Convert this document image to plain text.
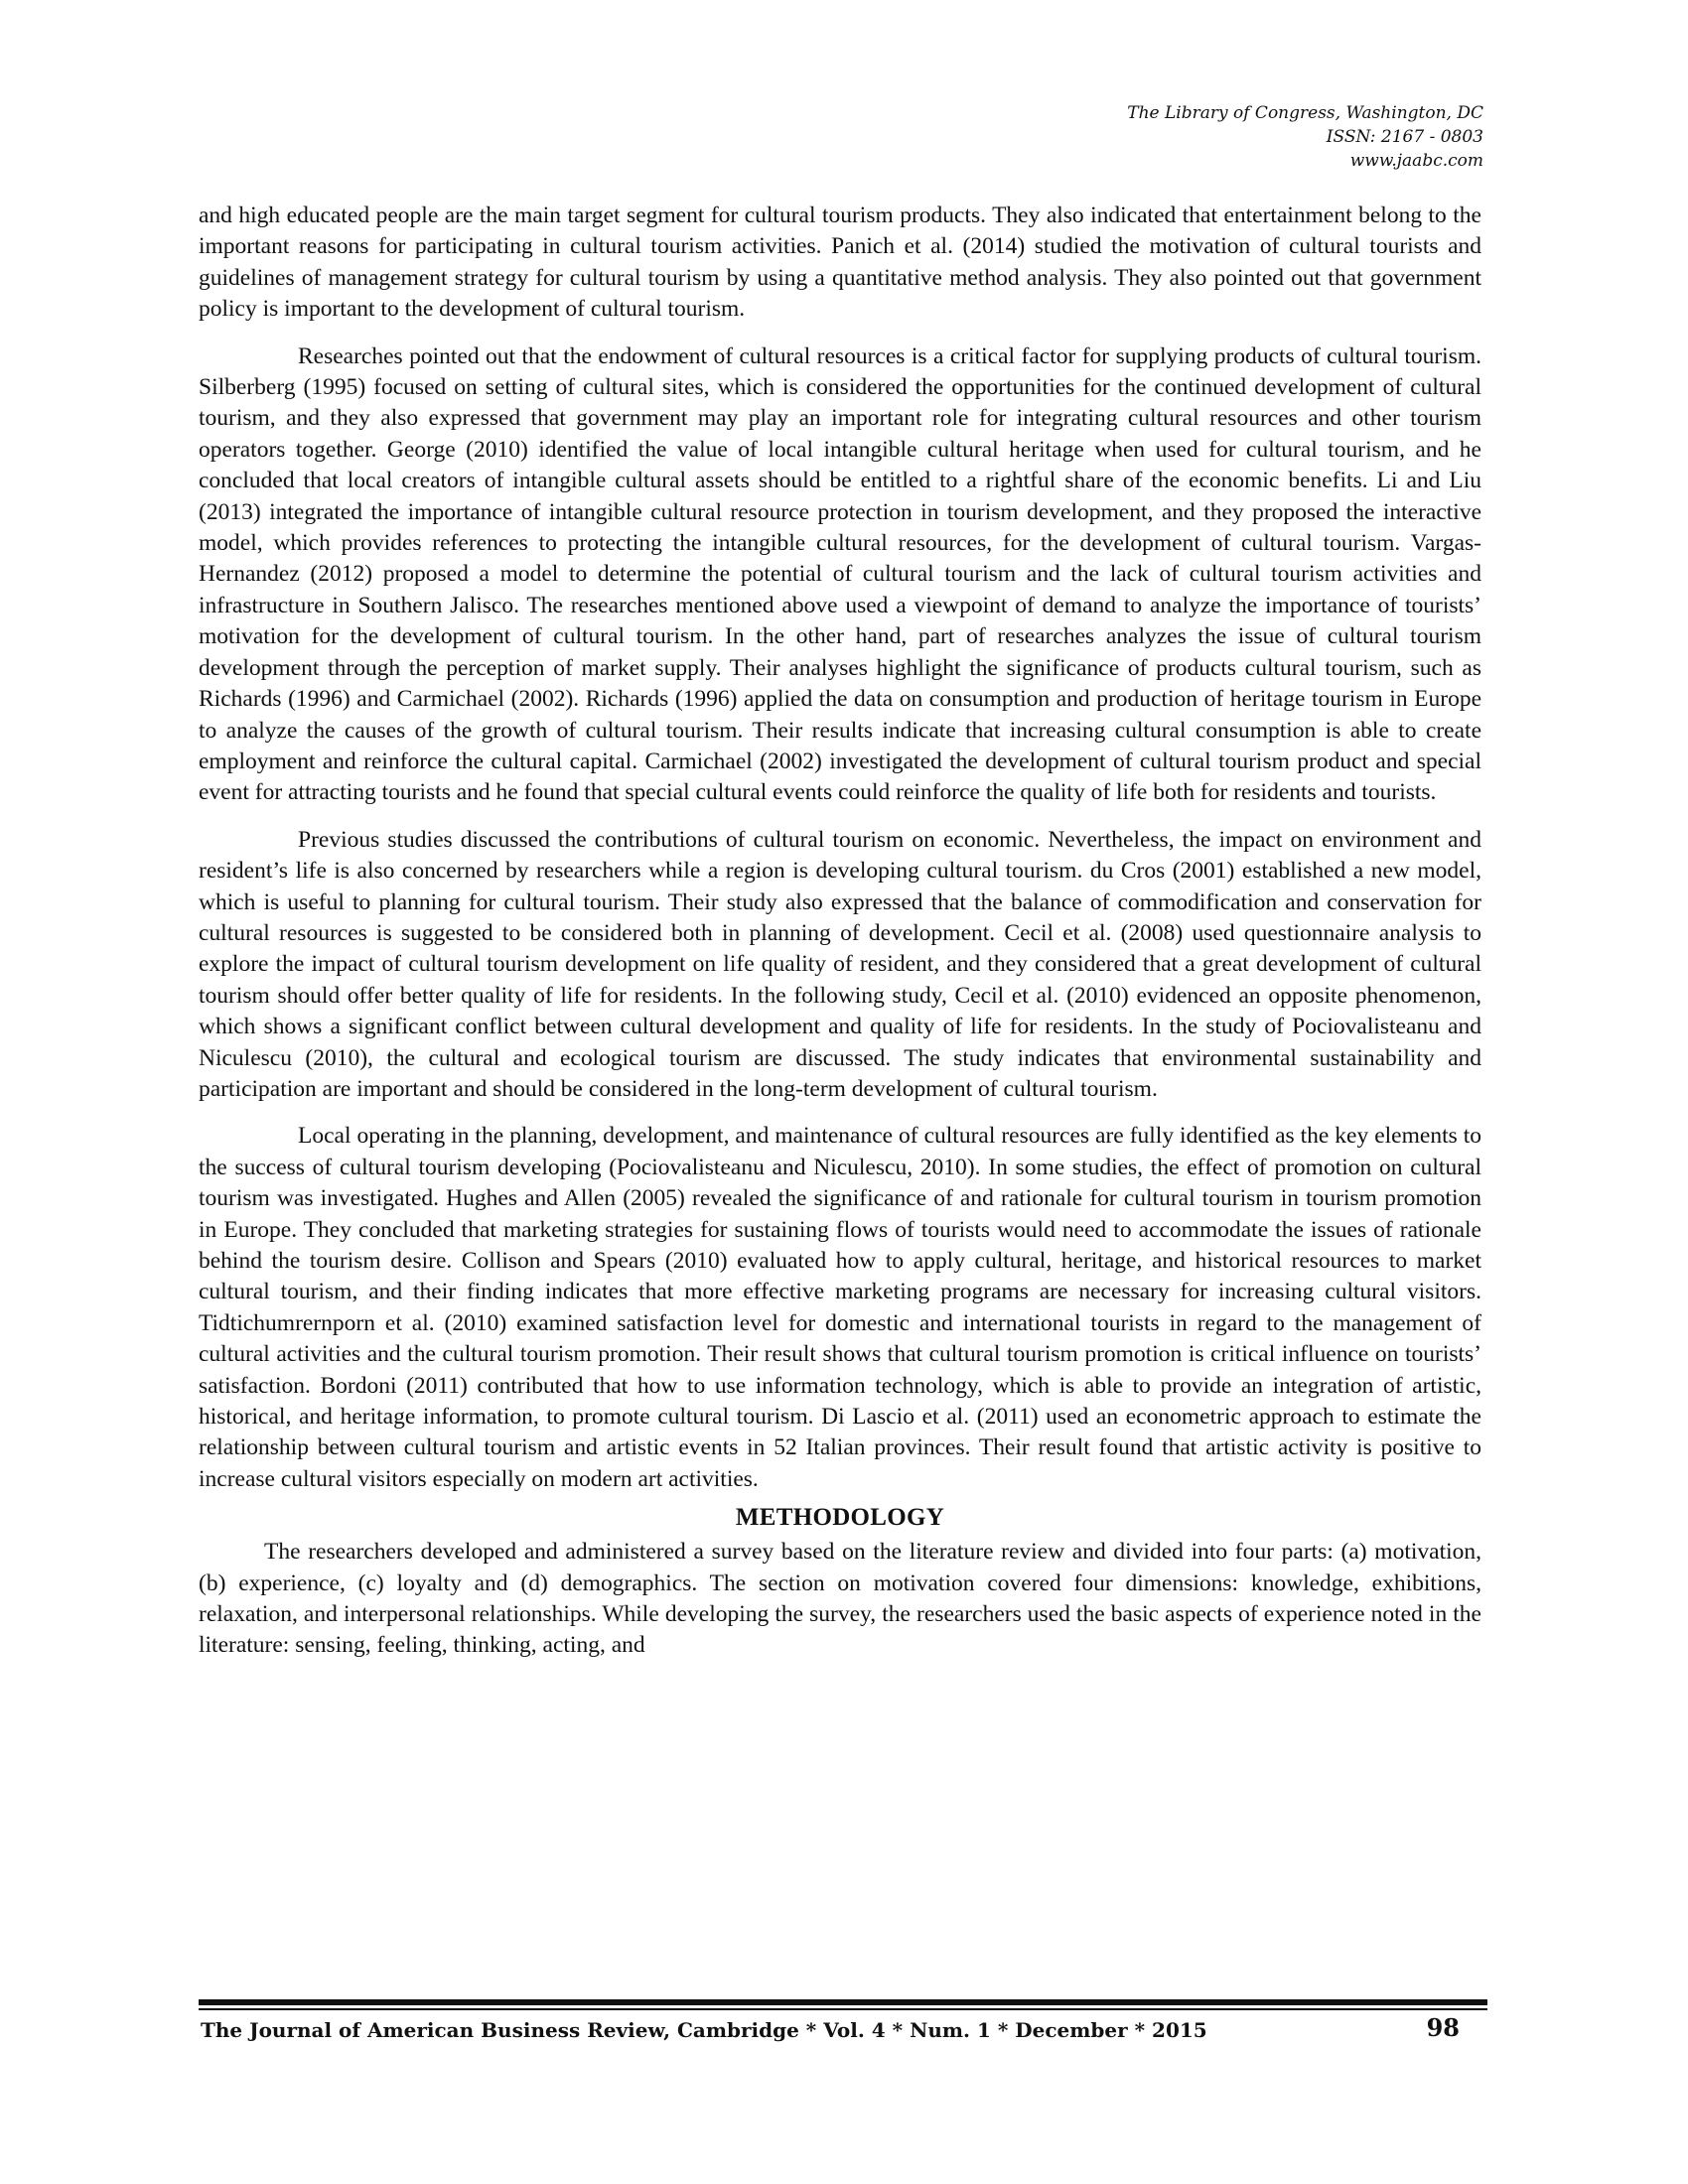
The Library of Congress, Washington, DC
ISSN: 2167 - 0803
www.jaabc.com

and high educated people are the main target segment for cultural tourism products. They also indicated that entertainment belong to the important reasons for participating in cultural tourism activities. Panich et al. (2014) studied the motivation of cultural tourists and guidelines of management strategy for cultural tourism by using a quantitative method analysis. They also pointed out that government policy is important to the development of cultural tourism.

Researches pointed out that the endowment of cultural resources is a critical factor for supplying products of cultural tourism. Silberberg (1995) focused on setting of cultural sites, which is considered the opportunities for the continued development of cultural tourism, and they also expressed that government may play an important role for integrating cultural resources and other tourism operators together. George (2010) identified the value of local intangible cultural heritage when used for cultural tourism, and he concluded that local creators of intangible cultural assets should be entitled to a rightful share of the economic benefits. Li and Liu (2013) integrated the importance of intangible cultural resource protection in tourism development, and they proposed the interactive model, which provides references to protecting the intangible cultural resources, for the development of cultural tourism. Vargas-Hernandez (2012) proposed a model to determine the potential of cultural tourism and the lack of cultural tourism activities and infrastructure in Southern Jalisco. The researches mentioned above used a viewpoint of demand to analyze the importance of tourists’ motivation for the development of cultural tourism. In the other hand, part of researches analyzes the issue of cultural tourism development through the perception of market supply. Their analyses highlight the significance of products cultural tourism, such as Richards (1996) and Carmichael (2002). Richards (1996) applied the data on consumption and production of heritage tourism in Europe to analyze the causes of the growth of cultural tourism. Their results indicate that increasing cultural consumption is able to create employment and reinforce the cultural capital. Carmichael (2002) investigated the development of cultural tourism product and special event for attracting tourists and he found that special cultural events could reinforce the quality of life both for residents and tourists.

Previous studies discussed the contributions of cultural tourism on economic. Nevertheless, the impact on environment and resident’s life is also concerned by researchers while a region is developing cultural tourism. du Cros (2001) established a new model, which is useful to planning for cultural tourism. Their study also expressed that the balance of commodification and conservation for cultural resources is suggested to be considered both in planning of development. Cecil et al. (2008) used questionnaire analysis to explore the impact of cultural tourism development on life quality of resident, and they considered that a great development of cultural tourism should offer better quality of life for residents. In the following study, Cecil et al. (2010) evidenced an opposite phenomenon, which shows a significant conflict between cultural development and quality of life for residents. In the study of Pociovalisteanu and Niculescu (2010), the cultural and ecological tourism are discussed. The study indicates that environmental sustainability and participation are important and should be considered in the long-term development of cultural tourism.

Local operating in the planning, development, and maintenance of cultural resources are fully identified as the key elements to the success of cultural tourism developing (Pociovalisteanu and Niculescu, 2010). In some studies, the effect of promotion on cultural tourism was investigated. Hughes and Allen (2005) revealed the significance of and rationale for cultural tourism in tourism promotion in Europe. They concluded that marketing strategies for sustaining flows of tourists would need to accommodate the issues of rationale behind the tourism desire. Collison and Spears (2010) evaluated how to apply cultural, heritage, and historical resources to market cultural tourism, and their finding indicates that more effective marketing programs are necessary for increasing cultural visitors. Tidtichumrernporn et al. (2010) examined satisfaction level for domestic and international tourists in regard to the management of cultural activities and the cultural tourism promotion. Their result shows that cultural tourism promotion is critical influence on tourists’ satisfaction. Bordoni (2011) contributed that how to use information technology, which is able to provide an integration of artistic, historical, and heritage information, to promote cultural tourism. Di Lascio et al. (2011) used an econometric approach to estimate the relationship between cultural tourism and artistic events in 52 Italian provinces. Their result found that artistic activity is positive to increase cultural visitors especially on modern art activities.

METHODOLOGY

The researchers developed and administered a survey based on the literature review and divided into four parts: (a) motivation, (b) experience, (c) loyalty and (d) demographics. The section on motivation covered four dimensions: knowledge, exhibitions, relaxation, and interpersonal relationships. While developing the survey, the researchers used the basic aspects of experience noted in the literature: sensing, feeling, thinking, acting, and

The Journal of American Business Review, Cambridge * Vol. 4 * Num. 1 * December * 2015	98
